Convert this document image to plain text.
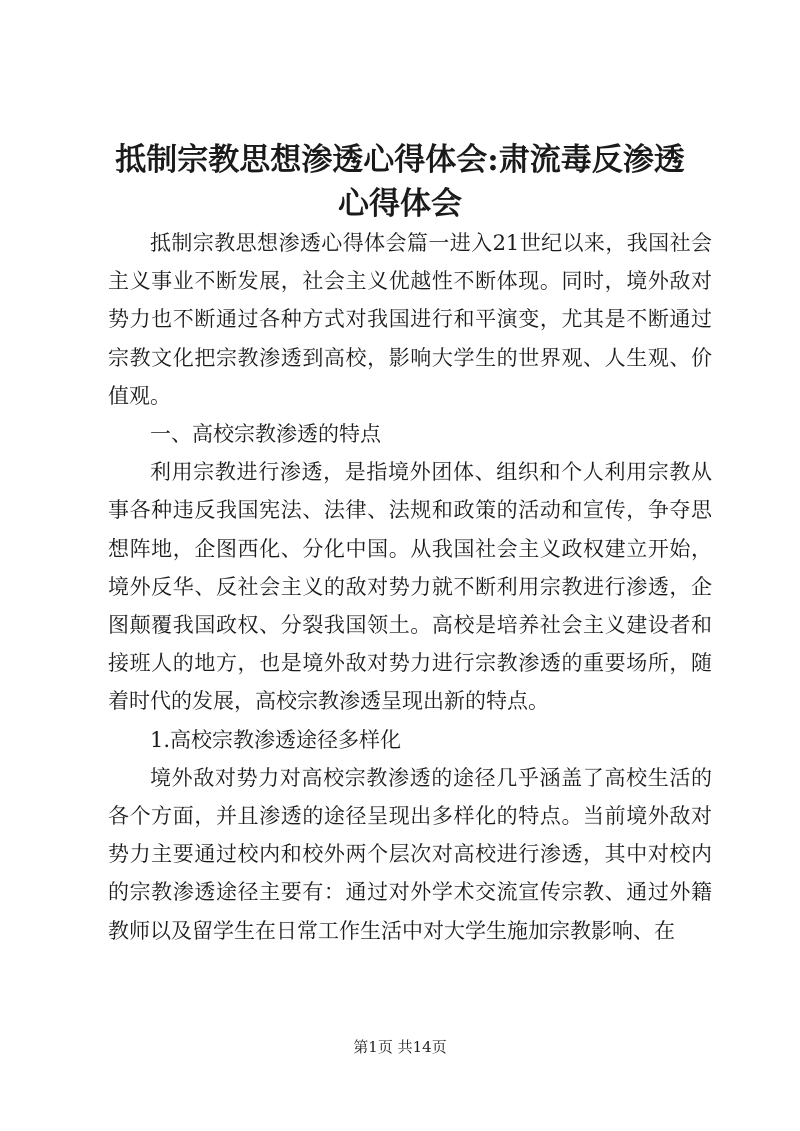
抵制宗教思想渗透心得体会:肃流毒反渗透心得体会

抵制宗教思想渗透心得体会篇一进入21世纪以来，我国社会主义事业不断发展，社会主义优越性不断体现。同时，境外敌对势力也不断通过各种方式对我国进行和平演变，尤其是不断通过宗教文化把宗教渗透到高校，影响大学生的世界观、人生观、价值观。

一、高校宗教渗透的特点

利用宗教进行渗透，是指境外团体、组织和个人利用宗教从事各种违反我国宪法、法律、法规和政策的活动和宣传，争夺思想阵地，企图西化、分化中国。从我国社会主义政权建立开始，境外反华、反社会主义的敌对势力就不断利用宗教进行渗透，企图颠覆我国政权、分裂我国领土。高校是培养社会主义建设者和接班人的地方，也是境外敌对势力进行宗教渗透的重要场所，随着时代的发展，高校宗教渗透呈现出新的特点。

1.高校宗教渗透途径多样化

境外敌对势力对高校宗教渗透的途径几乎涵盖了高校生活的各个方面，并且渗透的途径呈现出多样化的特点。当前境外敌对势力主要通过校内和校外两个层次对高校进行渗透，其中对校内的宗教渗透途径主要有：通过对外学术交流宣传宗教、通过外籍教师以及留学生在日常工作生活中对大学生施加宗教影响、在

第1页 共14页
